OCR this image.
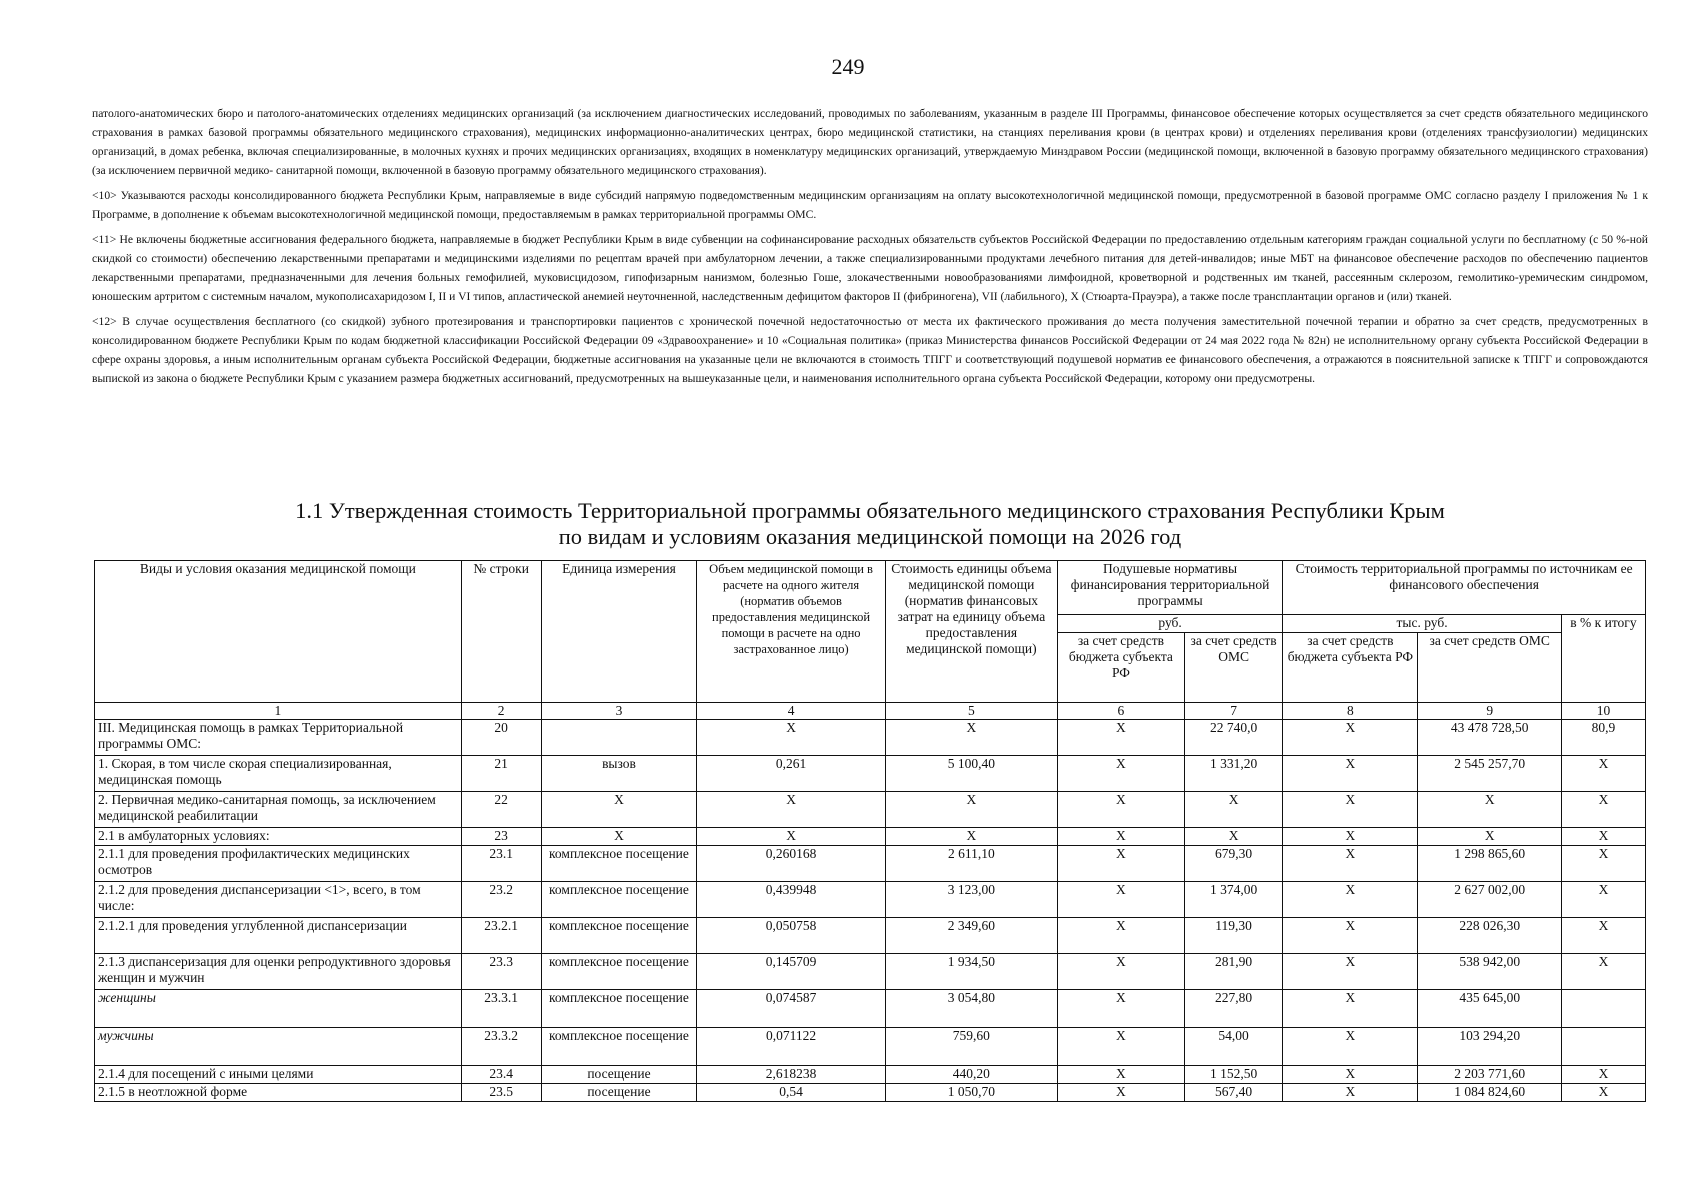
249

патолого-анатомических бюро и патолого-анатомических отделениях медицинских организаций (за исключением диагностических исследований, проводимых по заболеваниям, указанным в разделе III Программы, финансовое обеспечение которых осуществляется за счет средств обязательного медицинского страхования в рамках базовой программы обязательного медицинского страхования), медицинских информационно-аналитических центрах, бюро медицинской статистики, на станциях переливания крови (в центрах крови) и отделениях переливания крови (отделениях трансфузиологии) медицинских организаций, в домах ребенка, включая специализированные, в молочных кухнях и прочих медицинских организациях, входящих в номенклатуру медицинских организаций, утверждаемую Минздравом России (медицинской помощи, включенной в базовую программу обязательного медицинского страхования) (за исключением первичной медико- санитарной помощи, включенной в базовую программу обязательного медицинского страхования).

<10> Указываются расходы консолидированного бюджета Республики Крым, направляемые в виде субсидий напрямую подведомственным медицинским организациям на оплату высокотехнологичной медицинской помощи, предусмотренной в базовой программе ОМС согласно разделу I приложения № 1 к Программе, в дополнение к объемам высокотехнологичной медицинской помощи, предоставляемым в рамках территориальной программы ОМС.

<11> Не включены бюджетные ассигнования федерального бюджета, направляемые в бюджет Республики Крым в виде субвенции на софинансирование расходных обязательств субъектов Российской Федерации по предоставлению отдельным категориям граждан социальной услуги по бесплатному (с 50 %-ной скидкой со стоимости) обеспечению лекарственными препаратами и медицинскими изделиями по рецептам врачей при амбулаторном лечении, а также специализированными продуктами лечебного питания для детей-инвалидов; иные МБТ на финансовое обеспечение расходов по обеспечению пациентов лекарственными препаратами, предназначенными для лечения больных гемофилией, муковисцидозом, гипофизарным нанизмом, болезнью Гоше, злокачественными новообразованиями лимфоидной, кроветворной и родственных им тканей, рассеянным склерозом, гемолитико-уремическим синдромом, юношеским артритом с системным началом, мукополисахаридозом I, II и VI типов, апластической анемией неуточненной, наследственным дефицитом факторов II (фибриногена), VII (лабильного), X (Стюарта-Прауэра), а также после трансплантации органов и (или) тканей.

<12> В случае осуществления бесплатного (со скидкой) зубного протезирования и транспортировки пациентов с хронической почечной недостаточностью от места их фактического проживания до места получения заместительной почечной терапии и обратно за счет средств, предусмотренных в консолидированном бюджете Республики Крым по кодам бюджетной классификации Российской Федерации 09 «Здравоохранение» и 10 «Социальная политика» (приказ Министерства финансов Российской Федерации от 24 мая 2022 года № 82н) не исполнительному органу субъекта Российской Федерации в сфере охраны здоровья, а иным исполнительным органам субъекта Российской Федерации, бюджетные ассигнования на указанные цели не включаются в стоимость ТПГГ и соответствующий подушевой норматив ее финансового обеспечения, а отражаются в пояснительной записке к ТПГГ и сопровождаются выпиской из закона о бюджете Республики Крым с указанием размера бюджетных ассигнований, предусмотренных на вышеуказанные цели, и наименования исполнительного органа субъекта Российской Федерации, которому они предусмотрены.

1.1 Утвержденная стоимость Территориальной программы обязательного медицинского страхования Республики Крым
по видам и условиям оказания медицинской помощи на 2026 год
Виды и условия оказания медицинской помощи	№ строки	Единица измерения	Объем медицинской помощи в расчете на одного жителя (норматив объемов предоставления медицинской помощи в расчете на одно застрахованное лицо)	Стоимость единицы объема медицинской помощи (норматив финансовых затрат на единицу объема предоставления медицинской помощи)	Подушевые нормативы финансирования территориальной программы		Стоимость территориальной программы по источникам ее финансового обеспечения		
					руб.		тыс. руб.		в % к итогу
					за счет средств бюджета субъекта РФ	за счет средств ОМС	за счет средств бюджета субъекта РФ	за счет средств ОМС	
1	2	3	4	5	6	7	8	9	10
III. Медицинская помощь в рамках Территориальной программы ОМС:	20		X	X	X	22 740,0	X	43 478 728,50	80,9
1. Скорая, в том числе скорая специализированная, медицинская помощь	21	вызов	0,261	5 100,40	X	1 331,20	X	2 545 257,70	X
2. Первичная медико-санитарная помощь, за исключением медицинской реабилитации	22	X	X	X	X	X	X	X	X
2.1 в амбулаторных условиях:	23	X	X	X	X	X	X	X	X
2.1.1 для проведения профилактических медицинских осмотров	23.1	комплексное посещение	0,260168	2 611,10	X	679,30	X	1 298 865,60	X
2.1.2 для проведения диспансеризации <1>, всего, в том числе:	23.2	комплексное посещение	0,439948	3 123,00	X	1 374,00	X	2 627 002,00	X
2.1.2.1 для проведения углубленной диспансеризации	23.2.1	комплексное посещение	0,050758	2 349,60	X	119,30	X	228 026,30	X
2.1.3 диспансеризация для оценки репродуктивного здоровья женщин и мужчин	23.3	комплексное посещение	0,145709	1 934,50	X	281,90	X	538 942,00	X
женщины	23.3.1	комплексное посещение	0,074587	3 054,80	X	227,80	X	435 645,00	
мужчины	23.3.2	комплексное посещение	0,071122	759,60	X	54,00	X	103 294,20	
2.1.4 для посещений с иными целями	23.4	посещение	2,618238	440,20	X	1 152,50	X	2 203 771,60	X
2.1.5 в неотложной форме	23.5	посещение	0,54	1 050,70	X	567,40	X	1 084 824,60	X
